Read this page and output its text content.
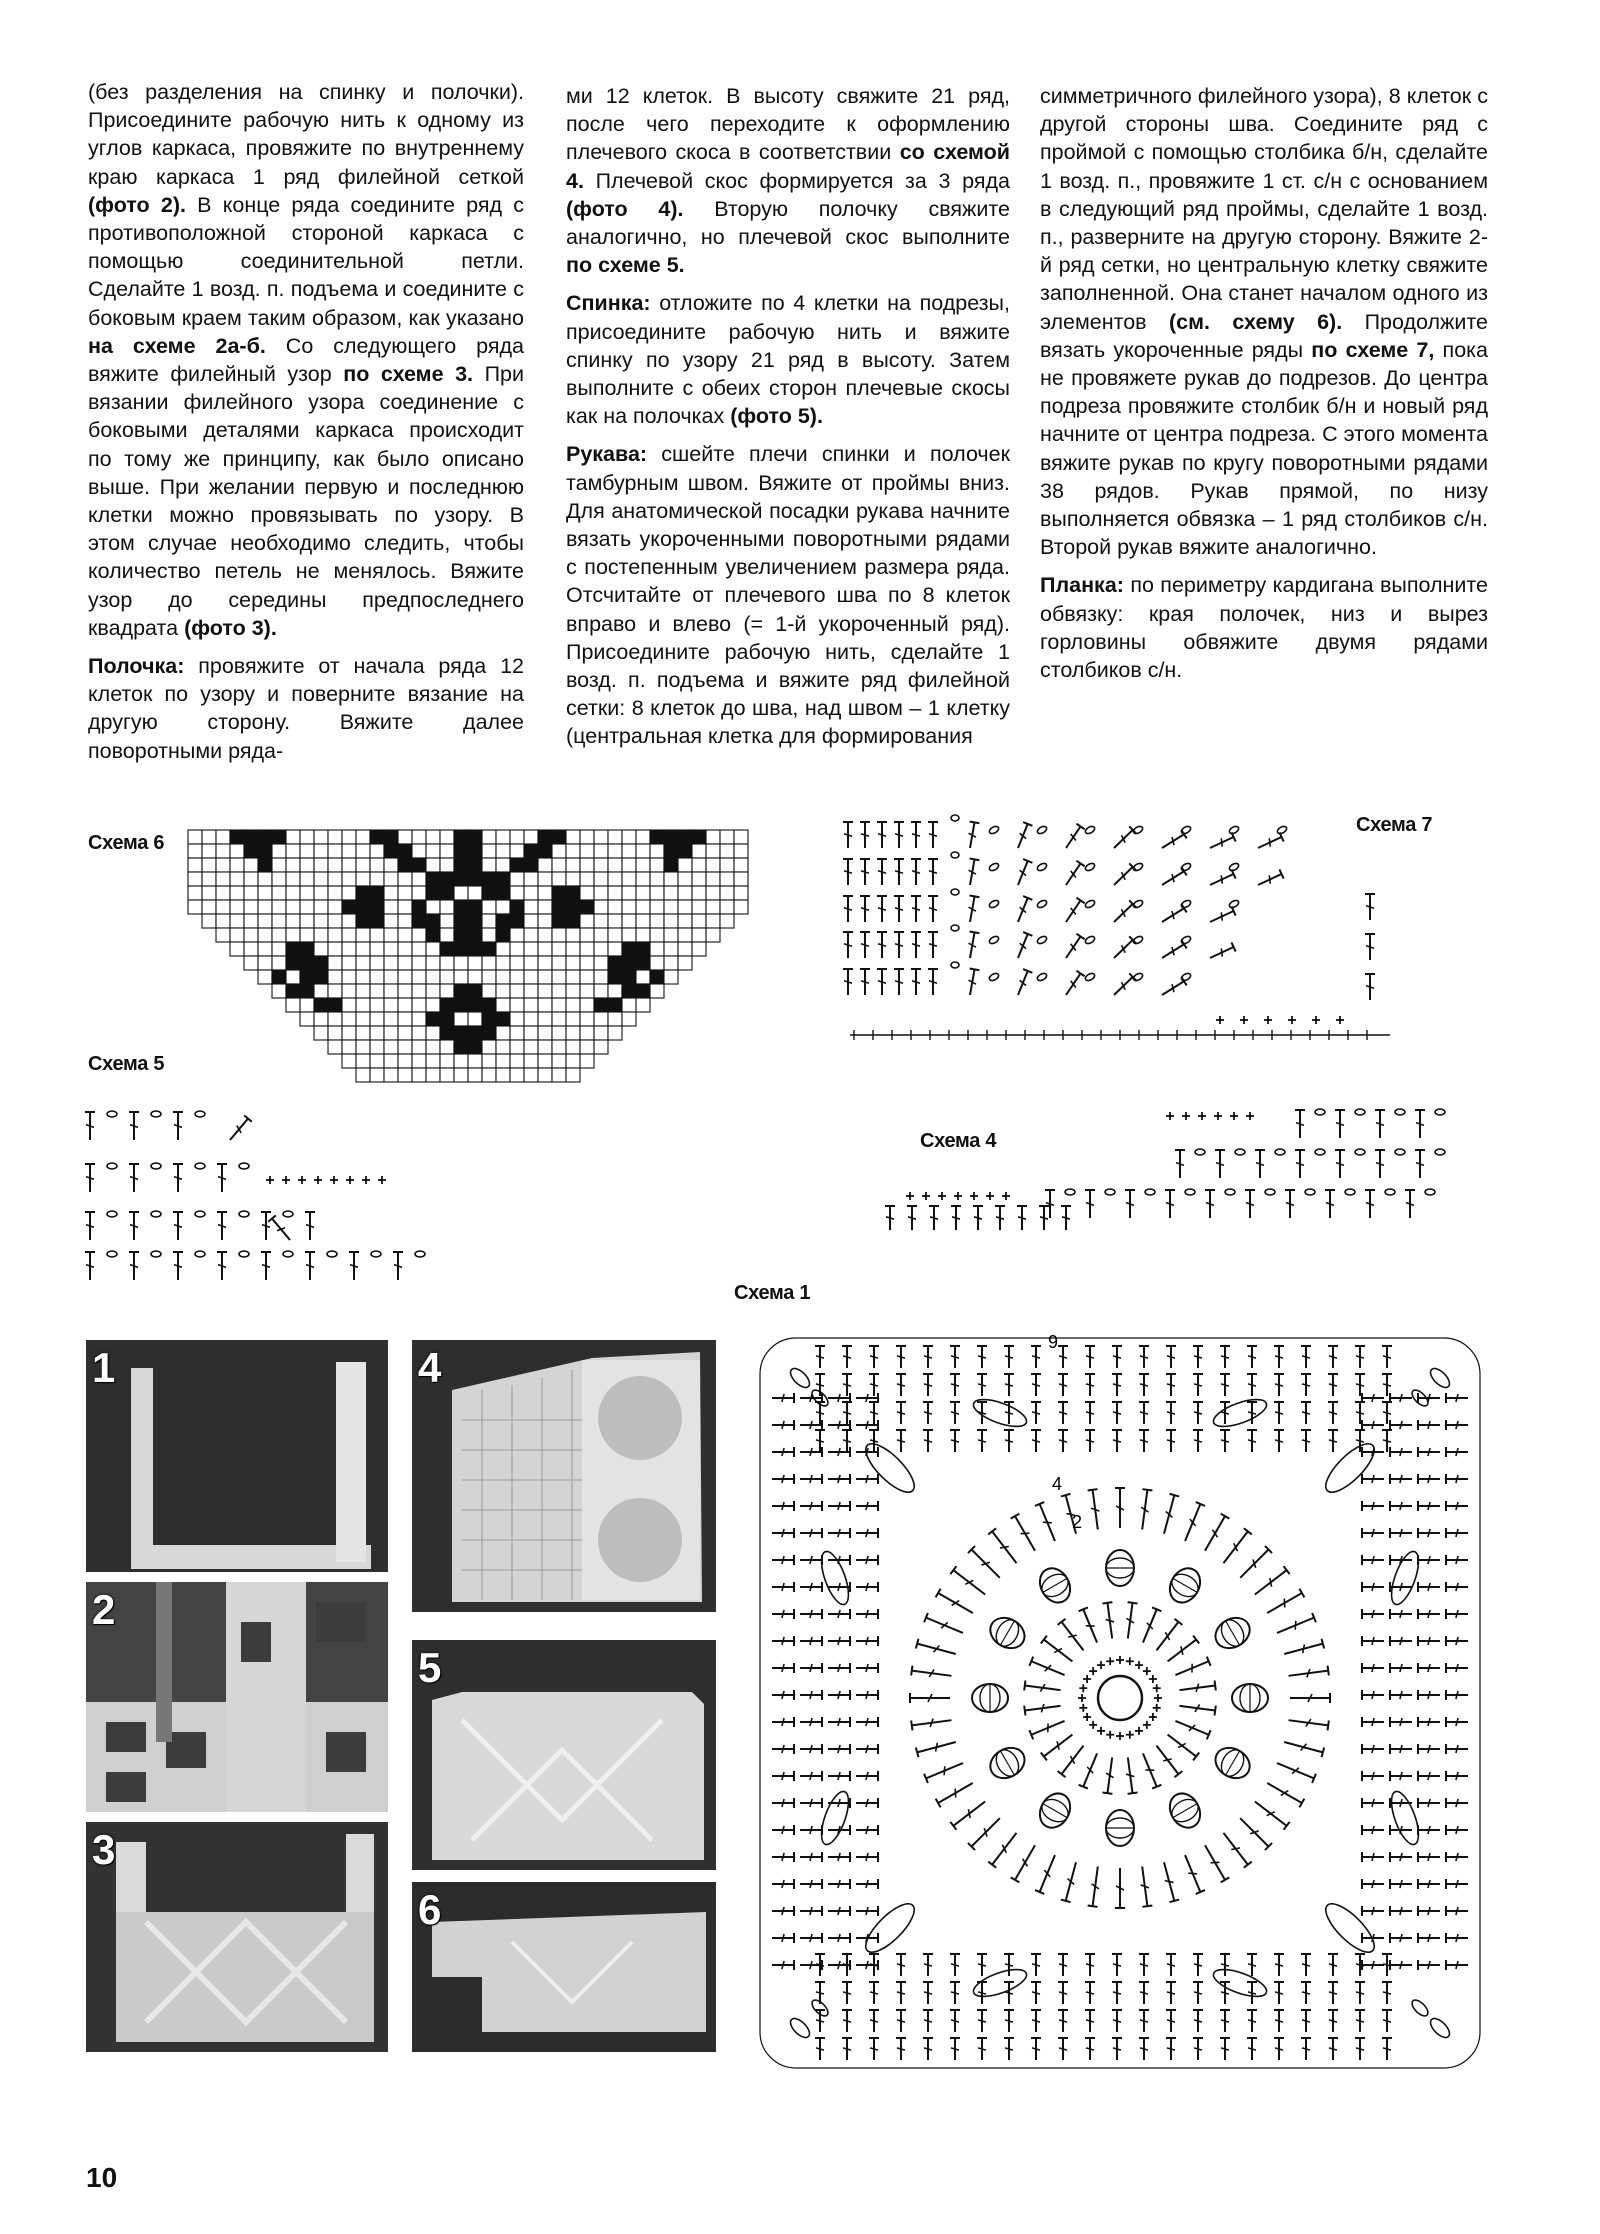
(без разделения на спинку и полочки). Присоедините рабочую нить к одному из углов каркаса, провяжите по внутреннему краю каркаса 1 ряд филейной сеткой (фото 2). В конце ряда соедините ряд с противоположной стороной каркаса с помощью соединительной петли. Сделайте 1 возд. п. подъема и соедините с боковым краем таким образом, как указано на схеме 2а-б. Со следующего ряда вяжите филейный узор по схеме 3. При вязании филейного узора соединение с боковыми деталями каркаса происходит по тому же принципу, как было описано выше. При желании первую и последнюю клетки можно провязывать по узору. В этом случае необходимо следить, чтобы количество петель не менялось. Вяжите узор до середины предпоследнего квадрата (фото 3).

Полочка: провяжите от начала ряда 12 клеток по узору и поверните вязание на другую сторону. Вяжите далее поворотными ряда-

ми 12 клеток. В высоту свяжите 21 ряд, после чего переходите к оформлению плечевого скоса в соответствии со схемой 4. Плечевой скос формируется за 3 ряда (фото 4). Вторую полочку свяжите аналогично, но плечевой скос выполните по схеме 5.

Спинка: отложите по 4 клетки на подрезы, присоедините рабочую нить и вяжите спинку по узору 21 ряд в высоту. Затем выполните с обеих сторон плечевые скосы как на полочках (фото 5).

Рукава: сшейте плечи спинки и полочек тамбурным швом. Вяжите от проймы вниз. Для анатомической посадки рукава начните вязать укороченными поворотными рядами с постепенным увеличением размера ряда. Отсчитайте от плечевого шва по 8 клеток вправо и влево (= 1-й укороченный ряд). Присоедините рабочую нить, сделайте 1 возд. п. подъема и вяжите ряд филейной сетки: 8 клеток до шва, над швом – 1 клетку (центральная клетка для формирования

симметричного филейного узора), 8 клеток с другой стороны шва. Соедините ряд с проймой с помощью столбика б/н, сделайте 1 возд. п., провяжите 1 ст. с/н с основанием в следующий ряд проймы, сделайте 1 возд. п., разверните на другую сторону. Вяжите 2-й ряд сетки, но центральную клетку свяжите заполненной. Она станет началом одного из элементов (см. схему 6). Продолжите вязать укороченные ряды по схеме 7, пока не провяжете рукав до подрезов. До центра подреза провяжите столбик б/н и новый ряд начните от центра подреза. С этого момента вяжите рукав по кругу поворотными рядами 38 рядов. Рукав прямой, по низу выполняется обвязка – 1 ряд столбиков с/н. Второй рукав вяжите аналогично.

Планка: по периметру кардигана выполните обвязку: края полочек, низ и вырез горловины обвяжите двумя рядами столбиков с/н.

Схема 6
Схема 7
Схема 5
Схема 4
Схема 1
9
4
2
1
2
3
4
5
6
10
